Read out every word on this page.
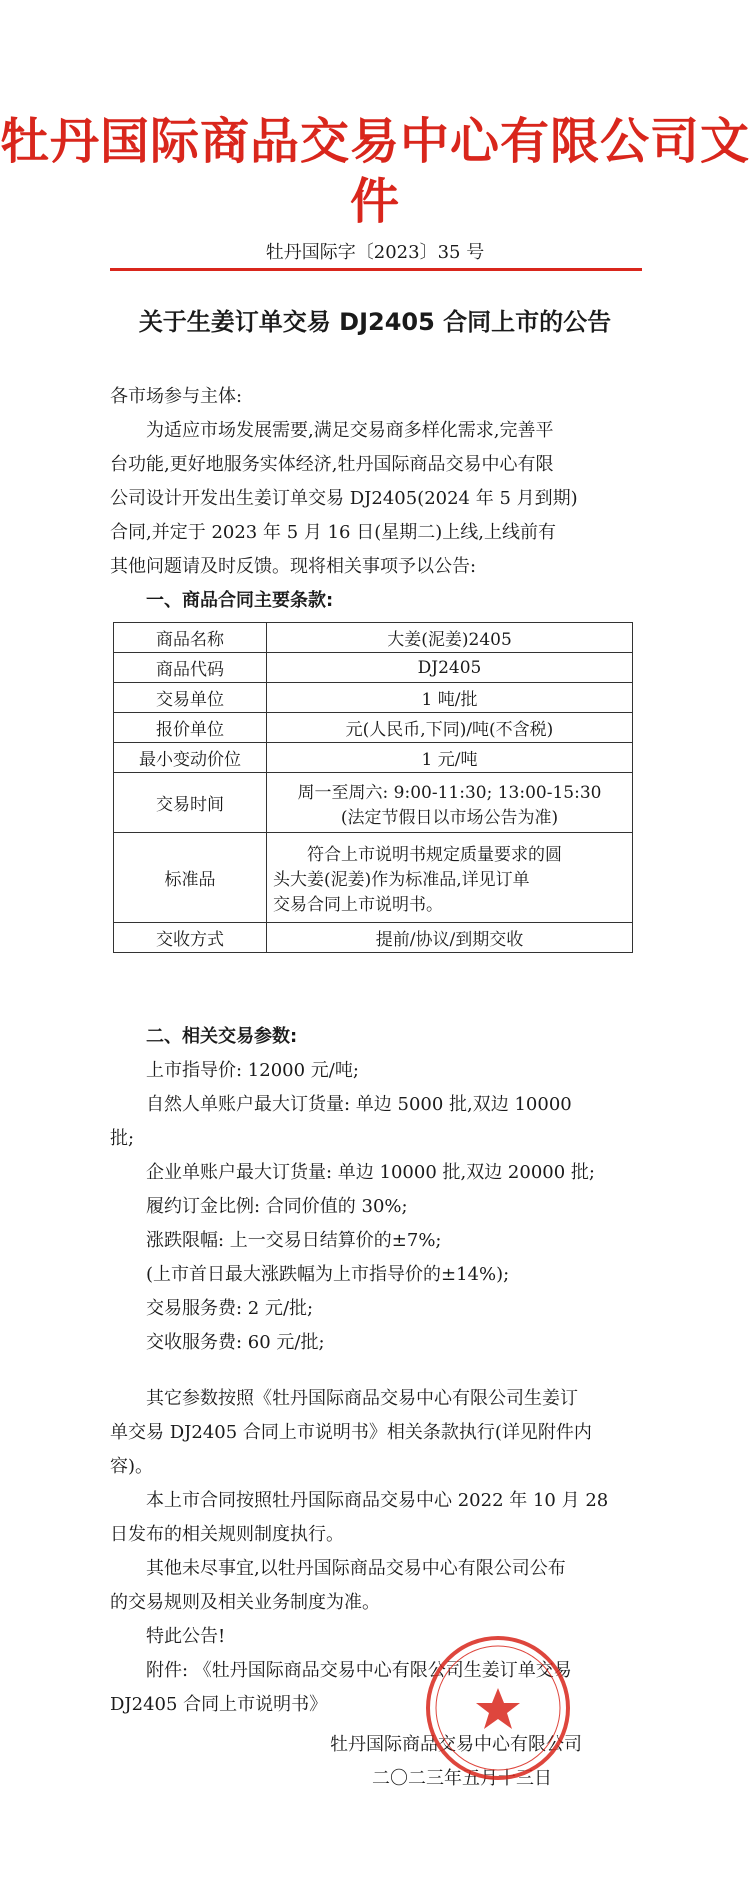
牡丹国际商品交易中心有限公司文件
牡丹国际字〔2023〕35 号
关于生姜订单交易 DJ2405 合同上市的公告
各市场参与主体:
为适应市场发展需要,满足交易商多样化需求,完善平
台功能,更好地服务实体经济,牡丹国际商品交易中心有限
公司设计开发出生姜订单交易 DJ2405(2024 年 5 月到期)
合同,并定于 2023 年 5 月 16 日(星期二)上线,上线前有
其他问题请及时反馈。现将相关事项予以公告:
一、商品合同主要条款:
商品名称	大姜(泥姜)2405
商品代码	DJ2405
交易单位	1 吨/批
报价单位	元(人民币,下同)/吨(不含税)
最小变动价位	1 元/吨
交易时间	周一至周六: 9:00-11:30; 13:00-15:30
(法定节假日以市场公告为准)

标准品	符合上市说明书规定质量要求的圆
头大姜(泥姜)作为标准品,详见订单
交易合同上市说明书。

交收方式	提前/协议/到期交收
二、相关交易参数:
上市指导价: 12000 元/吨;
自然人单账户最大订货量: 单边 5000 批,双边 10000
批;
企业单账户最大订货量: 单边 10000 批,双边 20000 批;
履约订金比例: 合同价值的 30%;
涨跌限幅: 上一交易日结算价的±7%;
(上市首日最大涨跌幅为上市指导价的±14%);
交易服务费: 2 元/批;
交收服务费: 60 元/批;
其它参数按照《牡丹国际商品交易中心有限公司生姜订
单交易 DJ2405 合同上市说明书》相关条款执行(详见附件内
容)。
本上市合同按照牡丹国际商品交易中心 2022 年 10 月 28
日发布的相关规则制度执行。
其他未尽事宜,以牡丹国际商品交易中心有限公司公布
的交易规则及相关业务制度为准。
特此公告!
附件: 《牡丹国际商品交易中心有限公司生姜订单交易
DJ2405 合同上市说明书》
牡丹国际商品交易中心有限公司
二〇二三年五月十三日
